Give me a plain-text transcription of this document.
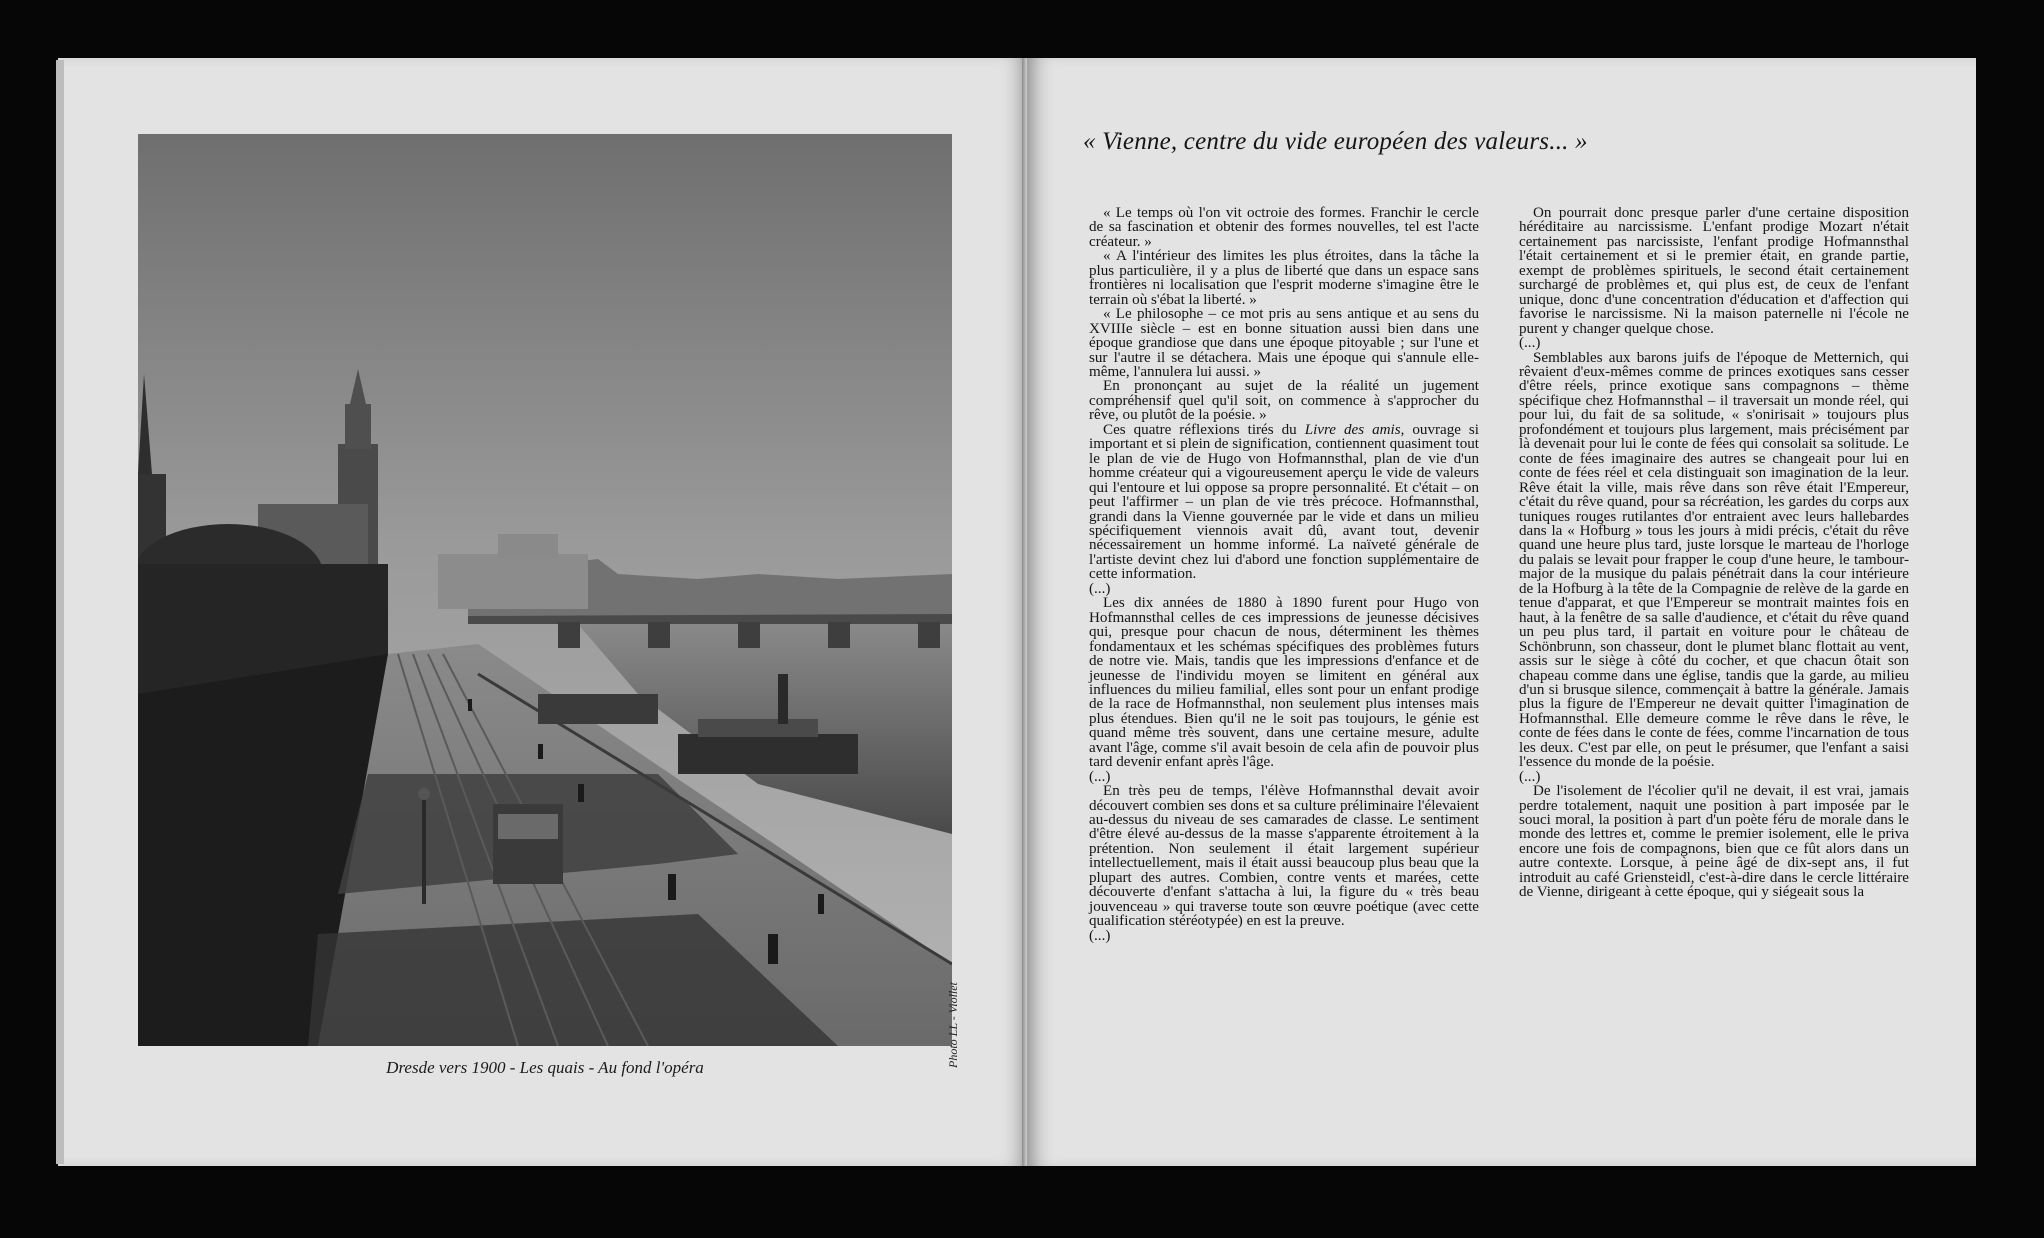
Dresde vers 1900 - Les quais - Au fond l'opéra	Photo LL - Viollet
« Vienne, centre du vide européen des valeurs... »

« Le temps où l'on vit octroie des formes. Franchir le cercle de sa fascination et obtenir des formes nouvelles, tel est l'acte créateur. »

« A l'intérieur des limites les plus étroites, dans la tâche la plus particulière, il y a plus de liberté que dans un espace sans frontières ni localisation que l'esprit moderne s'imagine être le terrain où s'ébat la liberté. »

« Le philosophe – ce mot pris au sens antique et au sens du XVIIIe siècle – est en bonne situation aussi bien dans une époque grandiose que dans une époque pitoyable ; sur l'une et sur l'autre il se détachera. Mais une époque qui s'annule elle-même, l'annulera lui aussi. »

En prononçant au sujet de la réalité un jugement compréhensif quel qu'il soit, on commence à s'approcher du rêve, ou plutôt de la poésie. »

Ces quatre réflexions tirés du Livre des amis, ouvrage si important et si plein de signification, contiennent quasiment tout le plan de vie de Hugo von Hofmannsthal, plan de vie d'un homme créateur qui a vigoureusement aperçu le vide de valeurs qui l'entoure et lui oppose sa propre personnalité. Et c'était – on peut l'affirmer – un plan de vie très précoce. Hofmannsthal, grandi dans la Vienne gouvernée par le vide et dans un milieu spécifiquement viennois avait dû, avant tout, devenir nécessairement un homme informé. La naïveté générale de l'artiste devint chez lui d'abord une fonction supplémentaire de cette information.

(...)

Les dix années de 1880 à 1890 furent pour Hugo von Hofmannsthal celles de ces impressions de jeunesse décisives qui, presque pour chacun de nous, déterminent les thèmes fondamentaux et les schémas spécifiques des problèmes futurs de notre vie. Mais, tandis que les impressions d'enfance et de jeunesse de l'individu moyen se limitent en général aux influences du milieu familial, elles sont pour un enfant prodige de la race de Hofmannsthal, non seulement plus intenses mais plus étendues. Bien qu'il ne le soit pas toujours, le génie est quand même très souvent, dans une certaine mesure, adulte avant l'âge, comme s'il avait besoin de cela afin de pouvoir plus tard devenir enfant après l'âge.

(...)

En très peu de temps, l'élève Hofmannsthal devait avoir découvert combien ses dons et sa culture préliminaire l'élevaient au-dessus du niveau de ses camarades de classe. Le sentiment d'être élevé au-dessus de la masse s'apparente étroitement à la prétention. Non seulement il était largement supérieur intellectuellement, mais il était aussi beaucoup plus beau que la plupart des autres. Combien, contre vents et marées, cette découverte d'enfant s'attacha à lui, la figure du « très beau jouvenceau » qui traverse toute son œuvre poétique (avec cette qualification stéréotypée) en est la preuve.

(...)

On pourrait donc presque parler d'une certaine disposition héréditaire au narcissisme. L'enfant prodige Mozart n'était certainement pas narcissiste, l'enfant prodige Hofmannsthal l'était certainement et si le premier était, en grande partie, exempt de problèmes spirituels, le second était certainement surchargé de problèmes et, qui plus est, de ceux de l'enfant unique, donc d'une concentration d'éducation et d'affection qui favorise le narcissisme. Ni la maison paternelle ni l'école ne purent y changer quelque chose.

(...)

Semblables aux barons juifs de l'époque de Metternich, qui rêvaient d'eux-mêmes comme de princes exotiques sans cesser d'être réels, prince exotique sans compagnons – thème spécifique chez Hofmannsthal – il traversait un monde réel, qui pour lui, du fait de sa solitude, « s'onirisait » toujours plus profondément et toujours plus largement, mais précisément par là devenait pour lui le conte de fées qui consolait sa solitude. Le conte de fées imaginaire des autres se changeait pour lui en conte de fées réel et cela distinguait son imagination de la leur. Rêve était la ville, mais rêve dans son rêve était l'Empereur, c'était du rêve quand, pour sa récréation, les gardes du corps aux tuniques rouges rutilantes d'or entraient avec leurs hallebardes dans la « Hofburg » tous les jours à midi précis, c'était du rêve quand une heure plus tard, juste lorsque le marteau de l'horloge du palais se levait pour frapper le coup d'une heure, le tambour-major de la musique du palais pénétrait dans la cour intérieure de la Hofburg à la tête de la Compagnie de relève de la garde en tenue d'apparat, et que l'Empereur se montrait maintes fois en haut, à la fenêtre de sa salle d'audience, et c'était du rêve quand un peu plus tard, il partait en voiture pour le château de Schönbrunn, son chasseur, dont le plumet blanc flottait au vent, assis sur le siège à côté du cocher, et que chacun ôtait son chapeau comme dans une église, tandis que la garde, au milieu d'un si brusque silence, commençait à battre la générale. Jamais plus la figure de l'Empereur ne devait quitter l'imagination de Hofmannsthal. Elle demeure comme le rêve dans le rêve, le conte de fées dans le conte de fées, comme l'incarnation de tous les deux. C'est par elle, on peut le présumer, que l'enfant a saisi l'essence du monde de la poésie.

(...)

De l'isolement de l'écolier qu'il ne devait, il est vrai, jamais perdre totalement, naquit une position à part imposée par le souci moral, la position à part d'un poète féru de morale dans le monde des lettres et, comme le premier isolement, elle le priva encore une fois de compagnons, bien que ce fût alors dans un autre contexte. Lorsque, à peine âgé de dix-sept ans, il fut introduit au café Griensteidl, c'est-à-dire dans le cercle littéraire de Vienne, dirigeant à cette époque, qui y siégeait sous la
